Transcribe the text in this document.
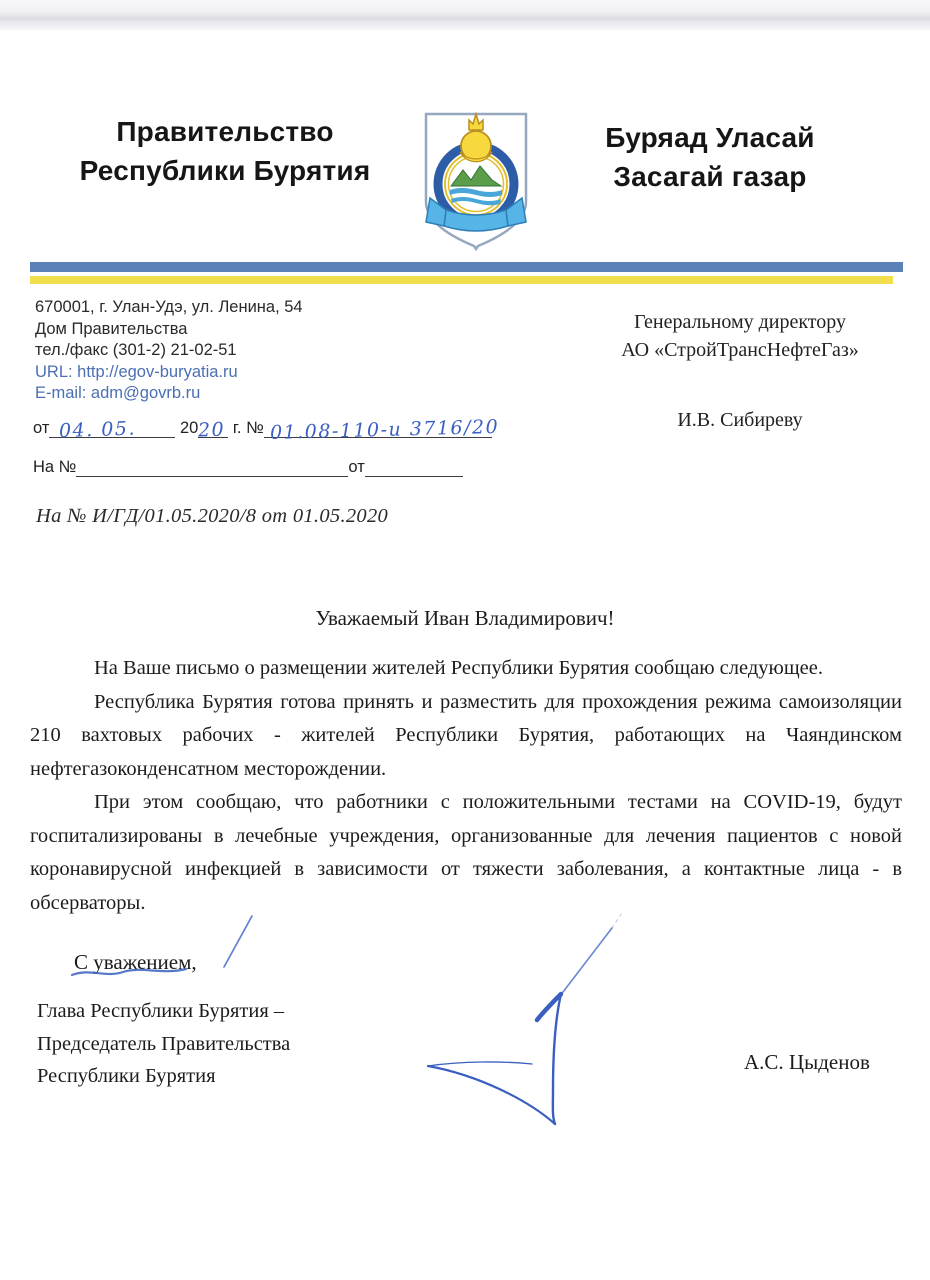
Правительство
Республики Бурятия
Буряад Уласай
Засагай газар
670001, г. Улан-Удэ, ул. Ленина, 54
Дом Правительства
тел./факс (301-2) 21-02-51
URL: http://egov-buryatia.ru
E-mail: adm@govrb.ru
Генеральному директору
АО «СтройТрансНефтеГаз»
И.В. Сибиреву
от 04. 05.	2020 г. № 01.08-110-и 3716/20
На №	от
На № И/ГД/01.05.2020/8 от 01.05.2020
Уважаемый Иван Владимирович!

На Ваше письмо о размещении жителей Республики Бурятия сообщаю следующее.

Республика Бурятия готова принять и разместить для прохождения режима самоизоляции 210 вахтовых рабочих - жителей Республики Бурятия, работающих на Чаяндинском нефтегазоконденсатном месторождении.

При этом сообщаю, что работники с положительными тестами на COVID-19, будут госпитализированы в лечебные учреждения, организованные для лечения пациентов с новой коронавирусной инфекцией в зависимости от тяжести заболевания, а контактные лица - в обсерваторы.

С уважением,
Глава Республики Бурятия –
Председатель Правительства
Республики Бурятия
А.С. Цыденов
